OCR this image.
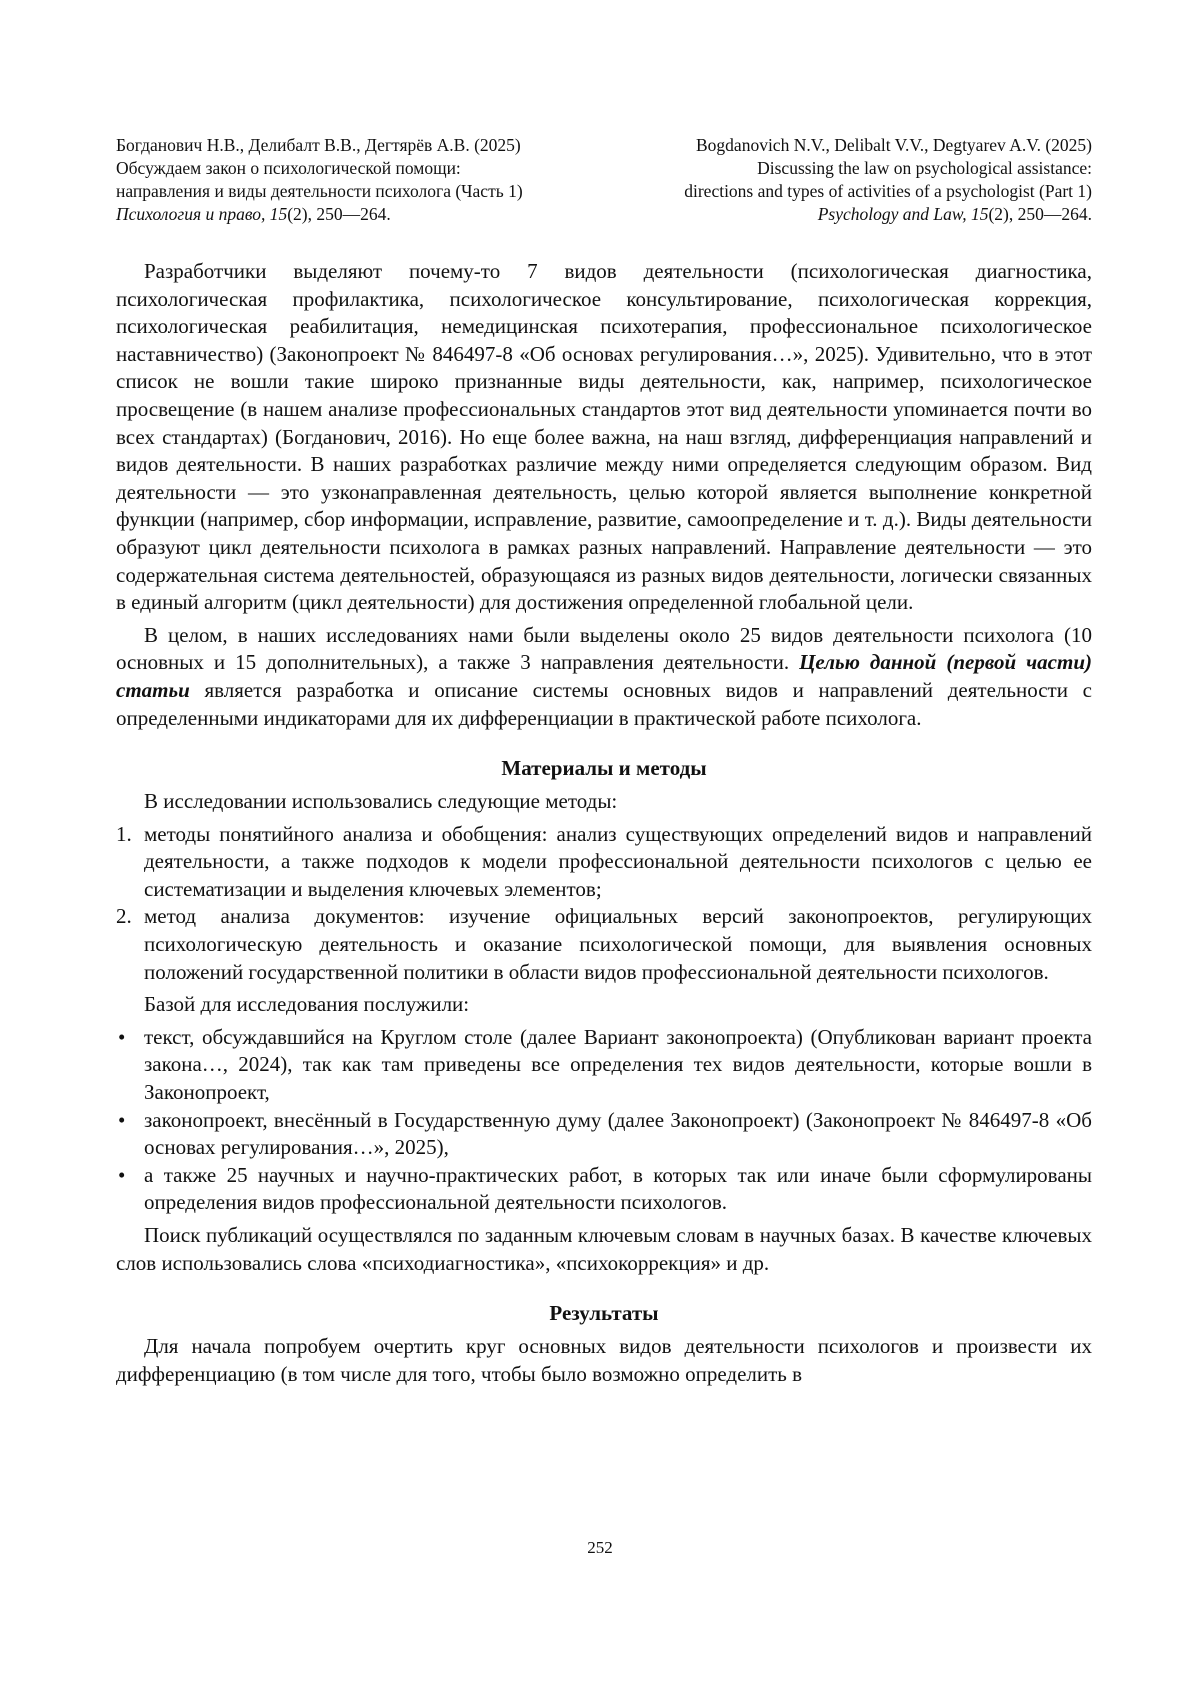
Богданович Н.В., Делибалт В.В., Дегтярёв А.В. (2025)
Обсуждаем закон о психологической помощи:
направления и виды деятельности психолога (Часть 1)
Психология и право, 15(2), 250—264.
Bogdanovich N.V., Delibalt V.V., Degtyarev A.V. (2025)
Discussing the law on psychological assistance:
directions and types of activities of a psychologist (Part 1)
Psychology and Law, 15(2), 250—264.

Разработчики выделяют почему-то 7 видов деятельности (психологическая диагностика, психологическая профилактика, психологическое консультирование, психологическая коррекция, психологическая реабилитация, немедицинская психотерапия, профессиональное психологическое наставничество) (Законопроект № 846497-8 «Об основах регулирования…», 2025). Удивительно, что в этот список не вошли такие широко признанные виды деятельности, как, например, психологическое просвещение (в нашем анализе профессиональных стандартов этот вид деятельности упоминается почти во всех стандартах) (Богданович, 2016). Но еще более важна, на наш взгляд, дифференциация направлений и видов деятельности. В наших разработках различие между ними определяется следующим образом. Вид деятельности — это узконаправленная деятельность, целью которой является выполнение конкретной функции (например, сбор информации, исправление, развитие, самоопределение и т. д.). Виды деятельности образуют цикл деятельности психолога в рамках разных направлений. Направление деятельности — это содержательная система деятельностей, образующаяся из разных видов деятельности, логически связанных в единый алгоритм (цикл деятельности) для достижения определенной глобальной цели.

В целом, в наших исследованиях нами были выделены около 25 видов деятельности психолога (10 основных и 15 дополнительных), а также 3 направления деятельности. Целью данной (первой части) статьи является разработка и описание системы основных видов и направлений деятельности с определенными индикаторами для их дифференциации в практической работе психолога.

Материалы и методы

В исследовании использовались следующие методы:

1. методы понятийного анализа и обобщения: анализ существующих определений видов и направлений деятельности, а также подходов к модели профессиональной деятельности психологов с целью ее систематизации и выделения ключевых элементов;
2. метод анализа документов: изучение официальных версий законопроектов, регулирующих психологическую деятельность и оказание психологической помощи, для выявления основных положений государственной политики в области видов профессиональной деятельности психологов.

Базой для исследования послужили:

• текст, обсуждавшийся на Круглом столе (далее Вариант законопроекта) (Опубликован вариант проекта закона…, 2024), так как там приведены все определения тех видов деятельности, которые вошли в Законопроект,
• законопроект, внесённый в Государственную думу (далее Законопроект) (Законопроект № 846497-8 «Об основах регулирования…», 2025),
• а также 25 научных и научно-практических работ, в которых так или иначе были сформулированы определения видов профессиональной деятельности психологов.

Поиск публикаций осуществлялся по заданным ключевым словам в научных базах. В качестве ключевых слов использовались слова «психодиагностика», «психокоррекция» и др.

Результаты

Для начала попробуем очертить круг основных видов деятельности психологов и произвести их дифференциацию (в том числе для того, чтобы было возможно определить в

252
